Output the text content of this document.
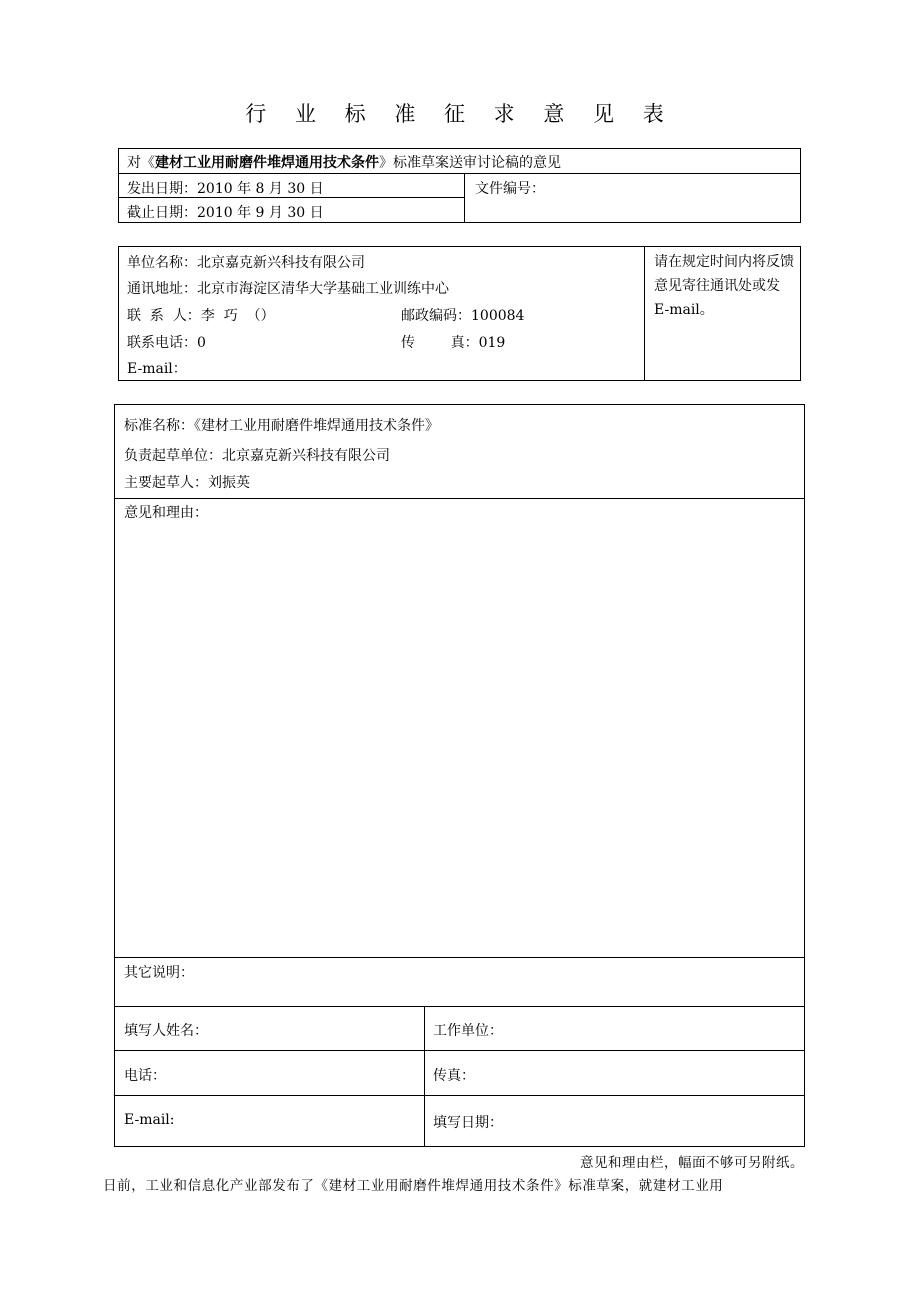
行 业 标 准 征 求 意 见 表
对《建材工业用耐磨件堆焊通用技术条件》标准草案送审讨论稿的意见
发出日期：2010 年 8 月 30 日
截止日期：2010 年 9 月 30 日
文件编号：
单位名称：北京嘉克新兴科技有限公司
通讯地址：北京市海淀区清华大学基础工业训练中心
联  系  人：李  巧  （）	邮政编码：100084
联系电话：0	传        真：019
E-mail：
请在规定时间内将反馈意见寄往通讯处或发 E-mail。
标准名称：《建材工业用耐磨件堆焊通用技术条件》
负责起草单位：北京嘉克新兴科技有限公司
主要起草人：刘振英
意见和理由：
其它说明：
填写人姓名：	工作单位：
电话：	传真：
E-mail:	填写日期：
意见和理由栏，幅面不够可另附纸。
日前，工业和信息化产业部发布了《建材工业用耐磨件堆焊通用技术条件》标准草案，就建材工业用
